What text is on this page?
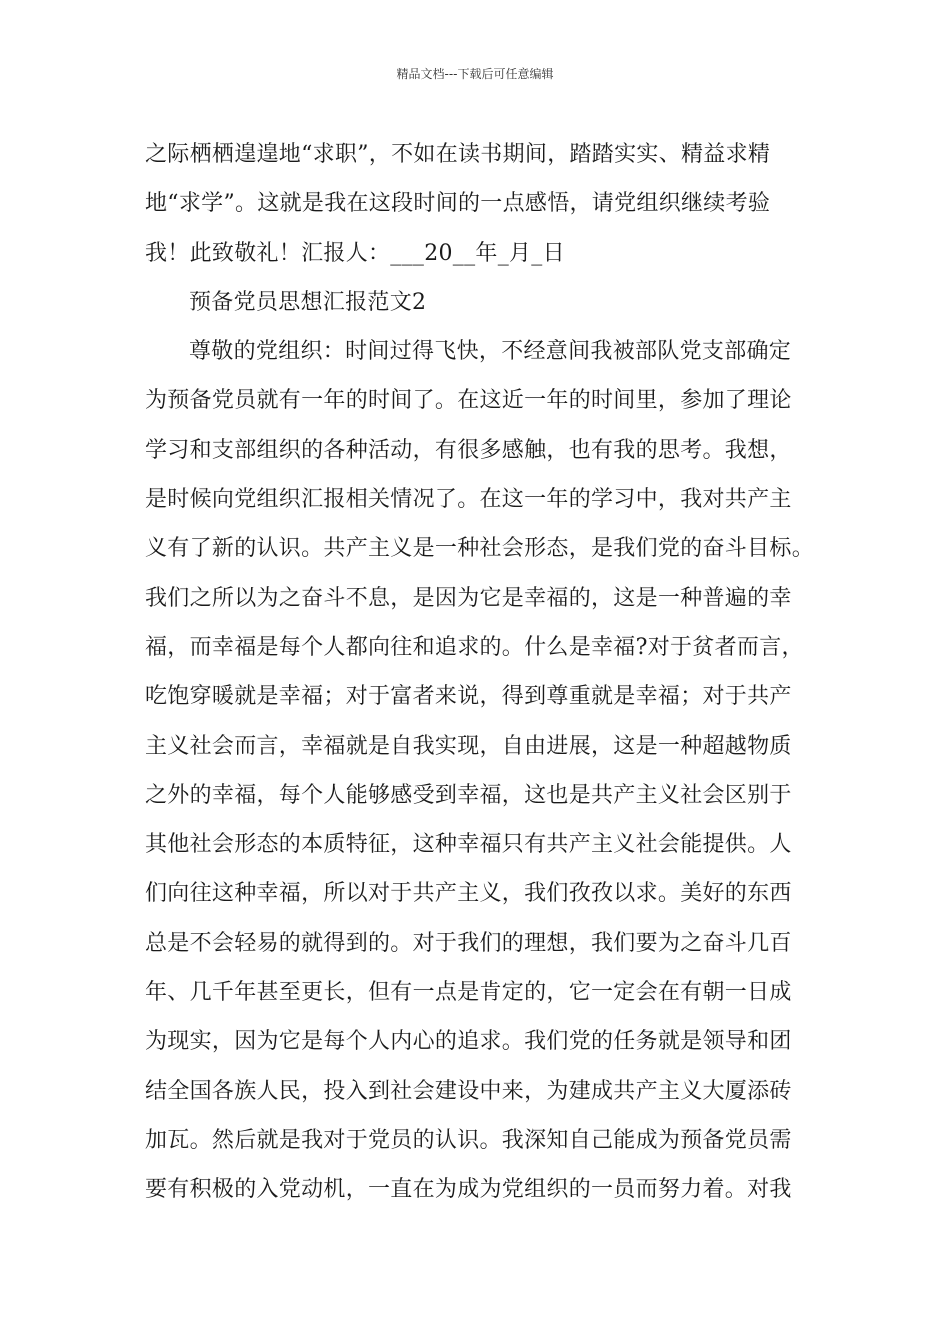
精品文档---下载后可任意编辑
之际栖栖遑遑地“求职”，不如在读书期间，踏踏实实、精益求精
地“求学”。这就是我在这段时间的一点感悟，请党组织继续考验
我！此致敬礼！汇报人：___20__年_月_日
预备党员思想汇报范文2
尊敬的党组织：时间过得飞快，不经意间我被部队党支部确定
为预备党员就有一年的时间了。在这近一年的时间里，参加了理论
学习和支部组织的各种活动，有很多感触，也有我的思考。我想，
是时候向党组织汇报相关情况了。在这一年的学习中，我对共产主
义有了新的认识。共产主义是一种社会形态，是我们党的奋斗目标。
我们之所以为之奋斗不息，是因为它是幸福的，这是一种普遍的幸
福，而幸福是每个人都向往和追求的。什么是幸福?对于贫者而言，
吃饱穿暖就是幸福；对于富者来说，得到尊重就是幸福；对于共产
主义社会而言，幸福就是自我实现，自由进展，这是一种超越物质
之外的幸福，每个人能够感受到幸福，这也是共产主义社会区别于
其他社会形态的本质特征，这种幸福只有共产主义社会能提供。人
们向往这种幸福，所以对于共产主义，我们孜孜以求。美好的东西
总是不会轻易的就得到的。对于我们的理想，我们要为之奋斗几百
年、几千年甚至更长，但有一点是肯定的，它一定会在有朝一日成
为现实，因为它是每个人内心的追求。我们党的任务就是领导和团
结全国各族人民，投入到社会建设中来，为建成共产主义大厦添砖
加瓦。然后就是我对于党员的认识。我深知自己能成为预备党员需
要有积极的入党动机，一直在为成为党组织的一员而努力着。对我
